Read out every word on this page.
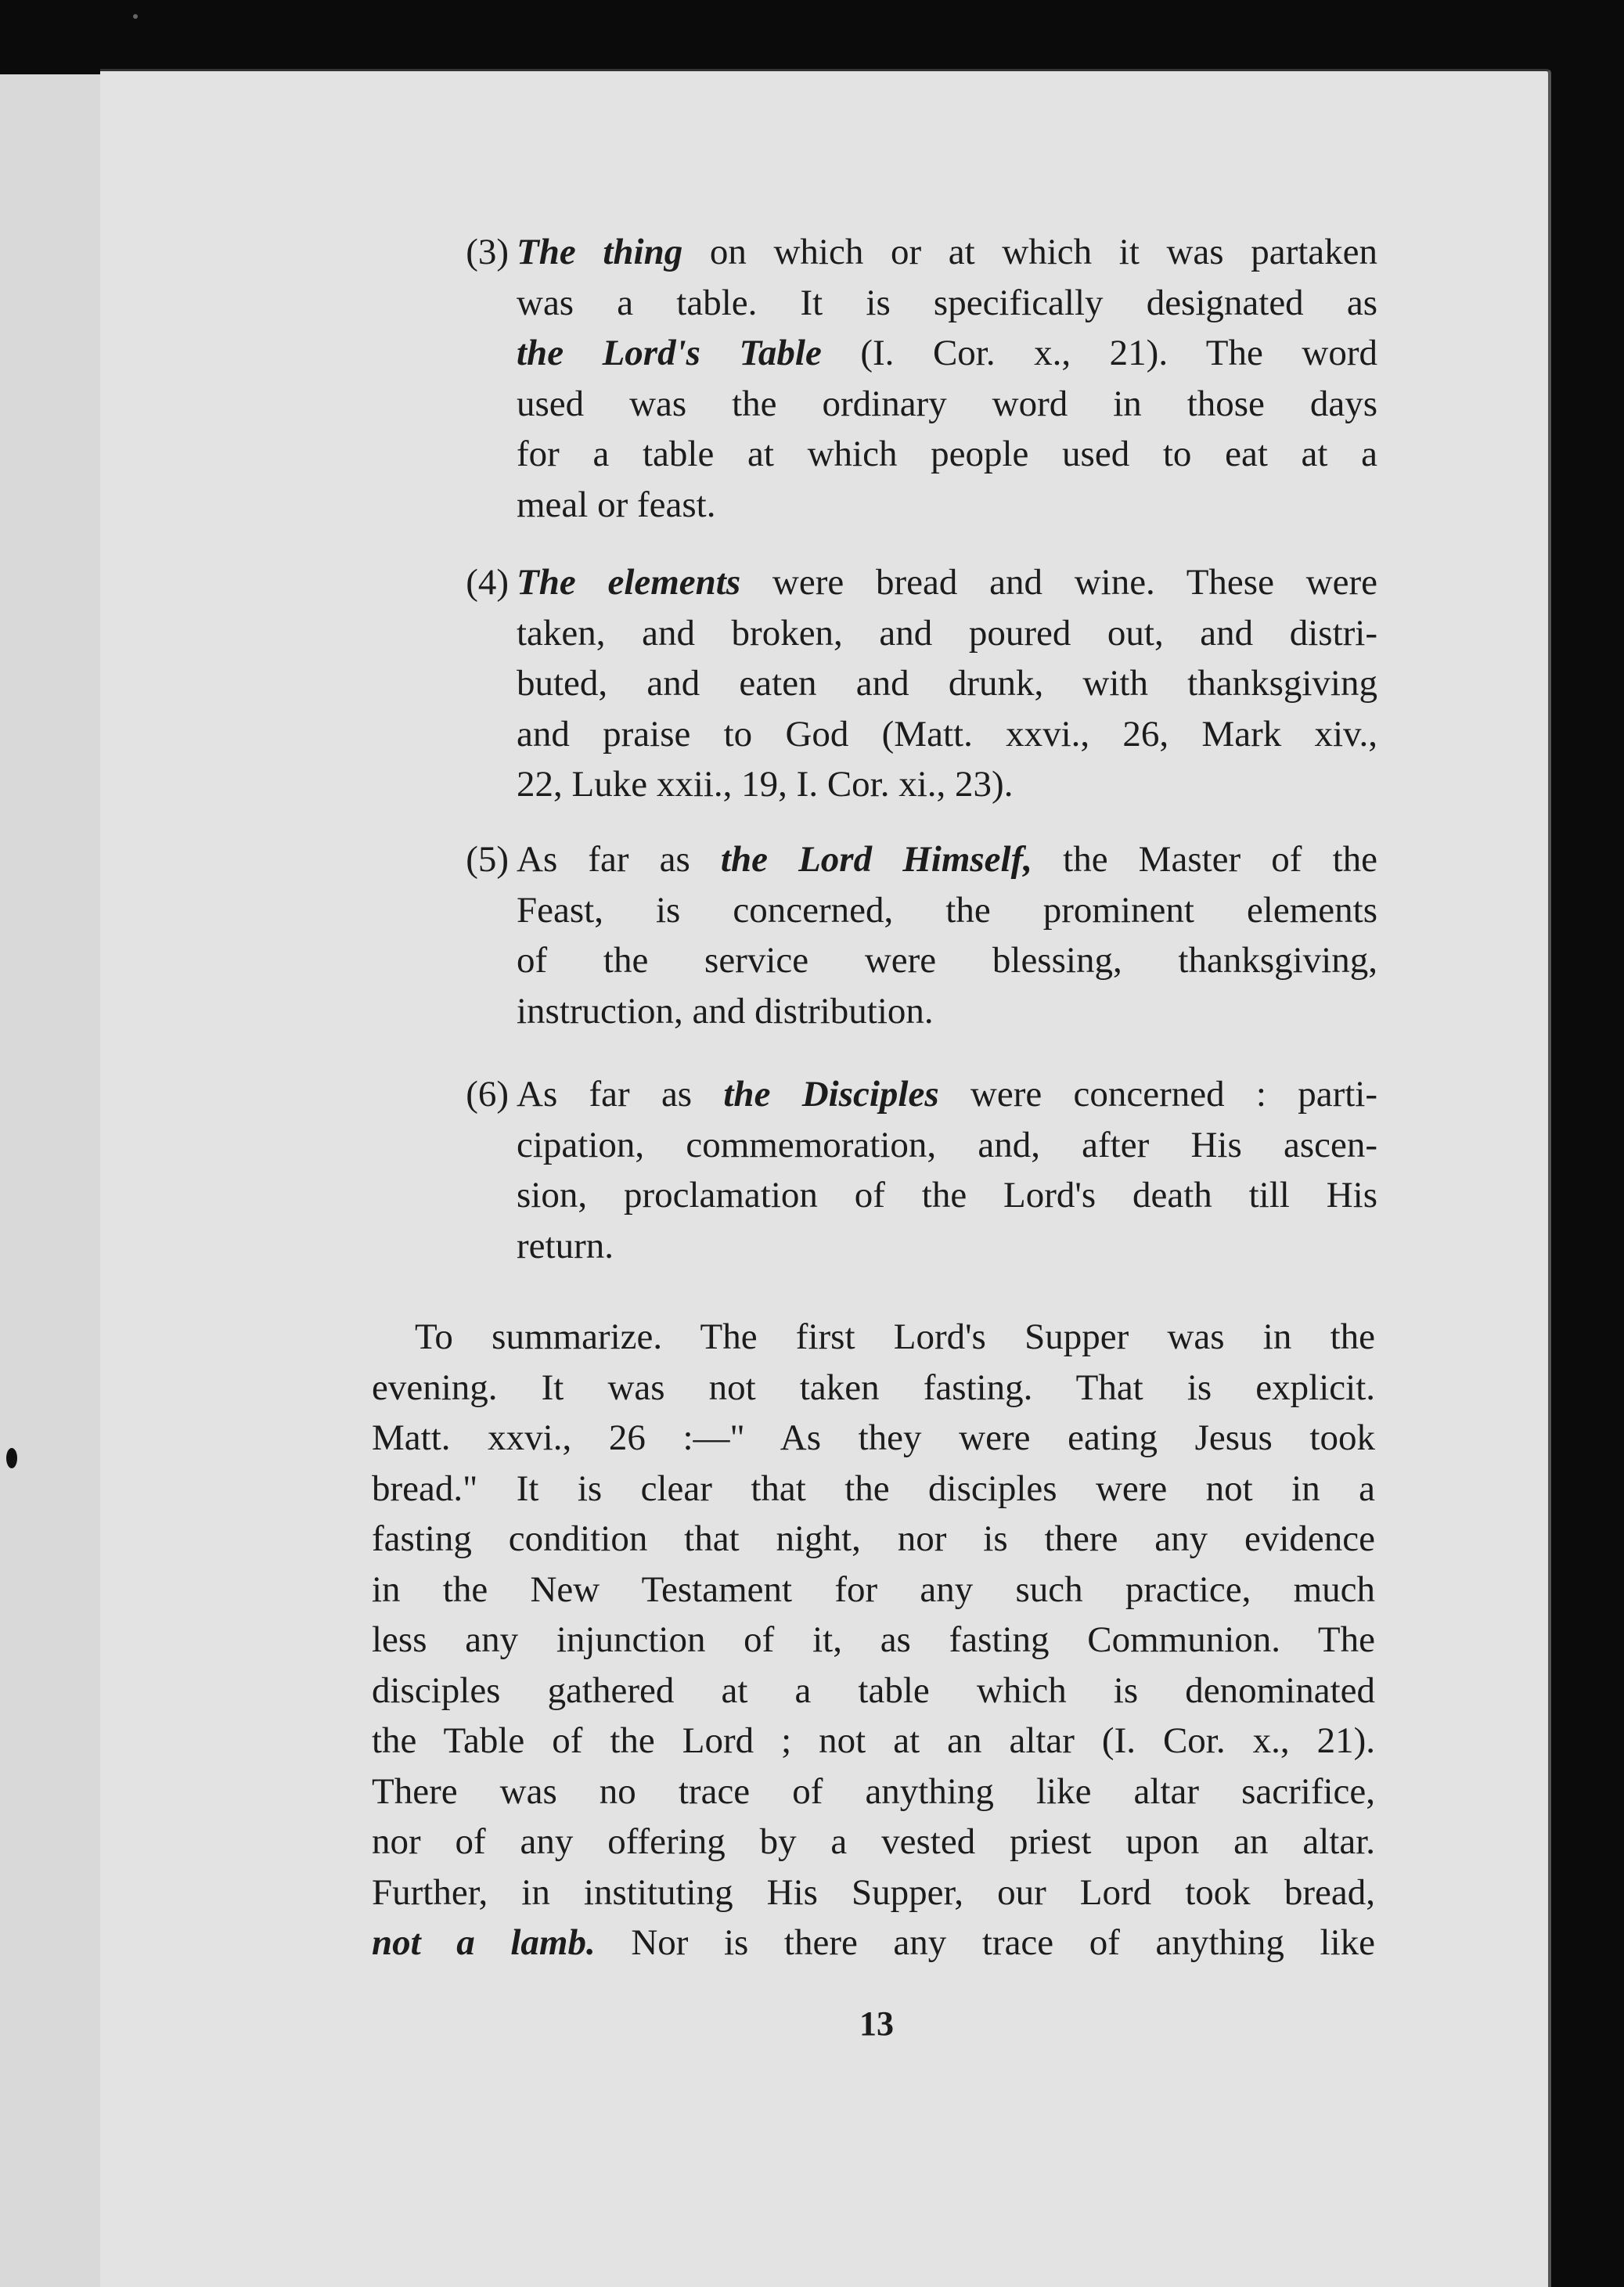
(3) The thing on which or at which it was partaken
was a table. It is specifically designated as
the Lord's Table (I. Cor. x., 21). The word
used was the ordinary word in those days
for a table at which people used to eat at a
meal or feast.
(4) The elements were bread and wine. These were
taken, and broken, and poured out, and distri-
buted, and eaten and drunk, with thanksgiving
and praise to God (Matt. xxvi., 26, Mark xiv.,
22, Luke xxii., 19, I. Cor. xi., 23).
(5) As far as the Lord Himself, the Master of the
Feast, is concerned, the prominent elements
of the service were blessing, thanksgiving,
instruction, and distribution.
(6) As far as the Disciples were concerned : parti-
cipation, commemoration, and, after His ascen-
sion, proclamation of the Lord's death till His
return.
To summarize. The first Lord's Supper was in the
evening. It was not taken fasting. That is explicit.
Matt. xxvi., 26 :—" As they were eating Jesus took
bread." It is clear that the disciples were not in a
fasting condition that night, nor is there any evidence
in the New Testament for any such practice, much
less any injunction of it, as fasting Communion. The
disciples gathered at a table which is denominated
the Table of the Lord ; not at an altar (I. Cor. x., 21).
There was no trace of anything like altar sacrifice,
nor of any offering by a vested priest upon an altar.
Further, in instituting His Supper, our Lord took bread,
not a lamb. Nor is there any trace of anything like
13
